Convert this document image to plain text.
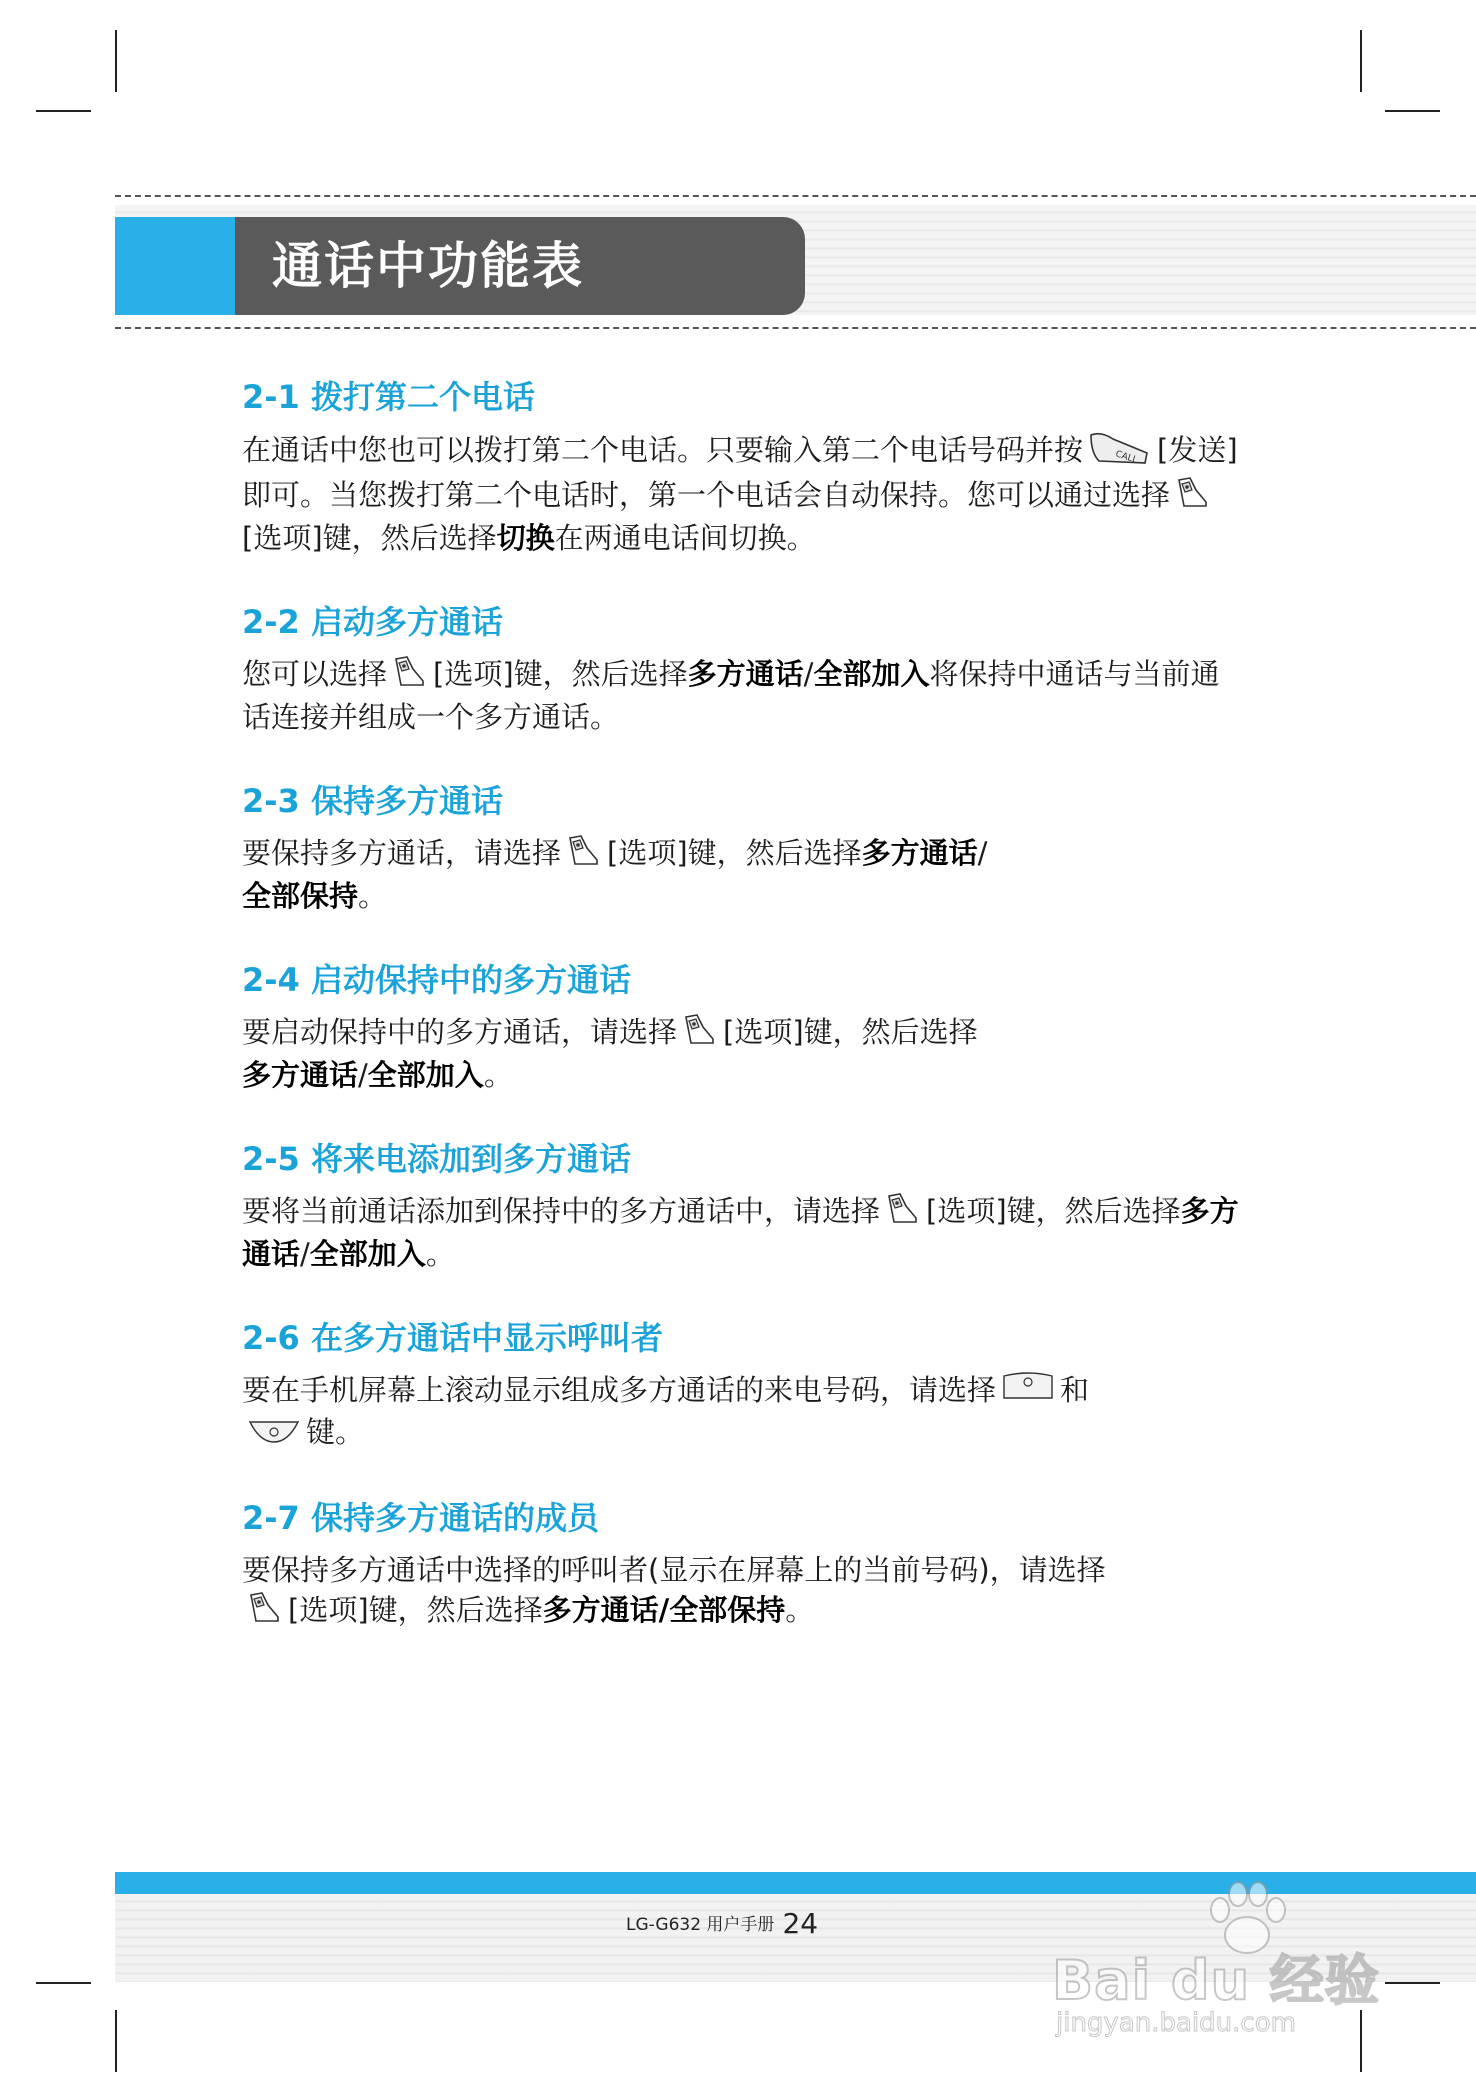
通话中功能表
2-1 拨打第二个电话
在通话中您也可以拨打第二个电话。只要输入第二个电话号码并按	CALL [发送]即可。当您拨打第二个电话时，第一个电话会自动保持。您可以通过选择[选项]键，然后选择切换在两通电话间切换。
2-2 启动多方通话
您可以选择 [选项]键，然后选择多方通话/全部加入将保持中通话与当前通话连接并组成一个多方通话。
2-3 保持多方通话
要保持多方通话，请选择 [选项]键，然后选择多方通话/
全部保持。
2-4 启动保持中的多方通话
要启动保持中的多方通话，请选择 [选项]键，然后选择
多方通话/全部加入。
2-5 将来电添加到多方通话
要将当前通话添加到保持中的多方通话中，请选择 [选项]键，然后选择多方通话/全部加入。
2-6 在多方通话中显示呼叫者
要在手机屏幕上滚动显示组成多方通话的来电号码，请选择 和
键。
2-7 保持多方通话的成员
要保持多方通话中选择的呼叫者(显示在屏幕上的当前号码)，请选择
[选项]键，然后选择多方通话/全部保持。
LG-G632 用户手册 24
Bai du 经验
jingyan.baidu.com
